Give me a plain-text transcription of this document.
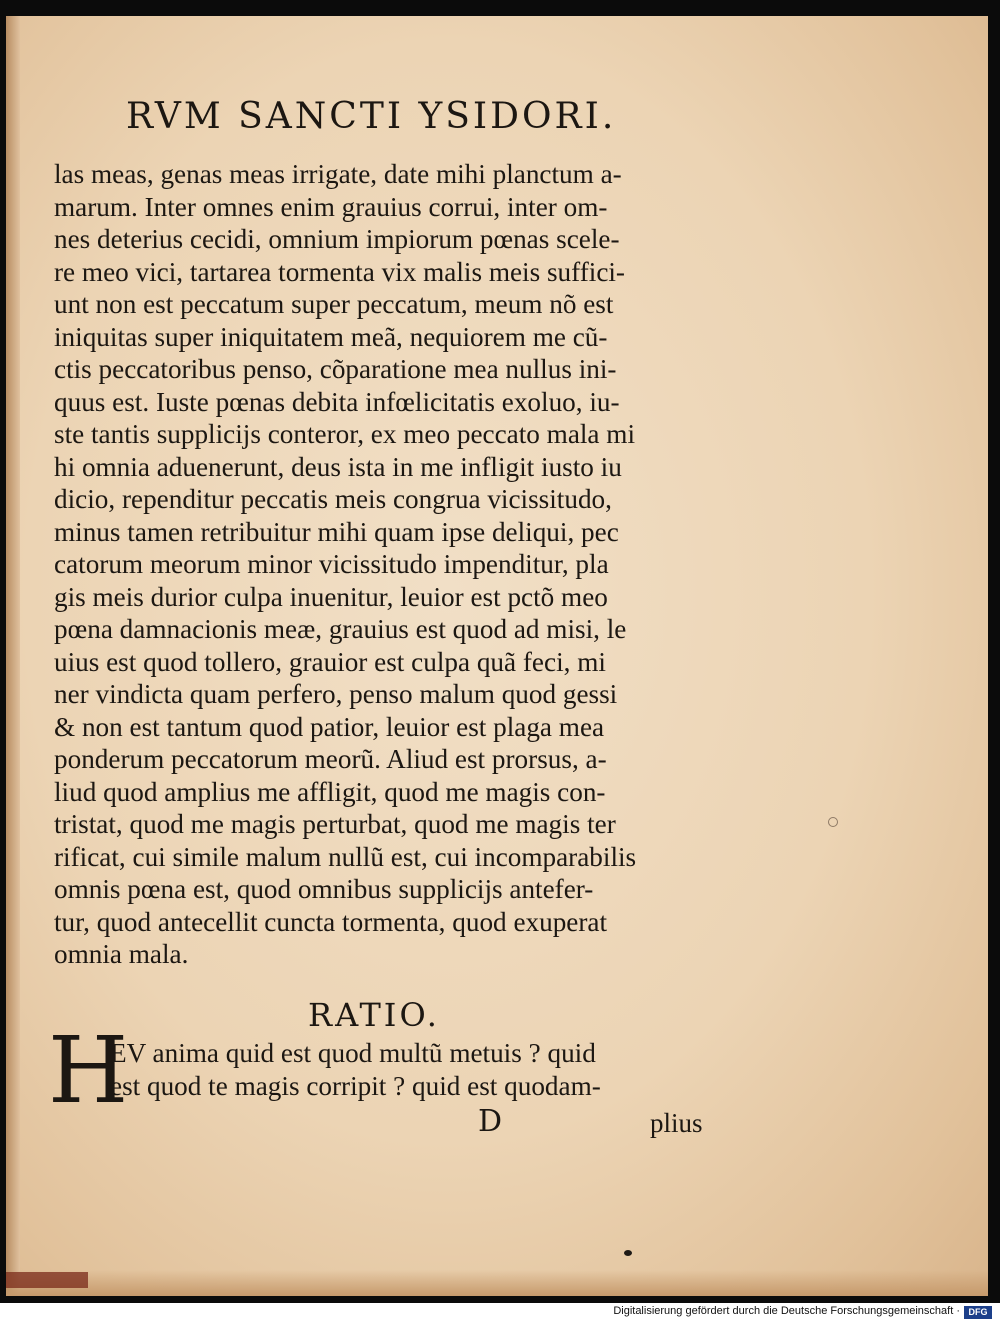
RVM SANCTI YSIDORI.
las meas, genas meas irrigate, date mihi planctum a-
marum. Inter omnes enim grauius corrui, inter om-
nes deterius cecidi, omnium impiorum pœnas scele-
re meo vici, tartarea tormenta vix malis meis suffici-
unt non est peccatum super peccatum, meum nõ est
iniquitas super iniquitatem meã, nequiorem me cũ-
ctis peccatoribus penso, cõparatione mea nullus ini-
quus est. Iuste pœnas debita infœlicitatis exoluo, iu-
ste tantis supplicijs conteror, ex meo peccato mala mi
hi omnia aduenerunt, deus ista in me infligit iusto iu
dicio, rependitur peccatis meis congrua vicissitudo,
minus tamen retribuitur mihi quam ipse deliqui, pec
catorum meorum minor vicissitudo impenditur, pla
gis meis durior culpa inuenitur, leuior est pctõ meo
pœna damnacionis meæ, grauius est quod ad misi, le
uius est quod tollero, grauior est culpa quã feci, mi
ner vindicta quam perfero, penso malum quod gessi
& non est tantum quod patior, leuior est plaga mea
ponderum peccatorum meorũ. Aliud est prorsus, a-
liud quod amplius me affligit, quod me magis con-
tristat, quod me magis perturbat, quod me magis ter
rificat, cui simile malum nullũ est, cui incomparabilis
omnis pœna est, quod omnibus supplicijs antefer-
tur, quod antecellit cuncta tormenta, quod exuperat
omnia mala.
RATIO.
H
EV anima quid est quod multũ metuis ? quid
est quod te magis corripit ? quid est quodam-
D	plius
Digitalisierung gefördert durch die Deutsche Forschungsgemeinschaft · DFG
